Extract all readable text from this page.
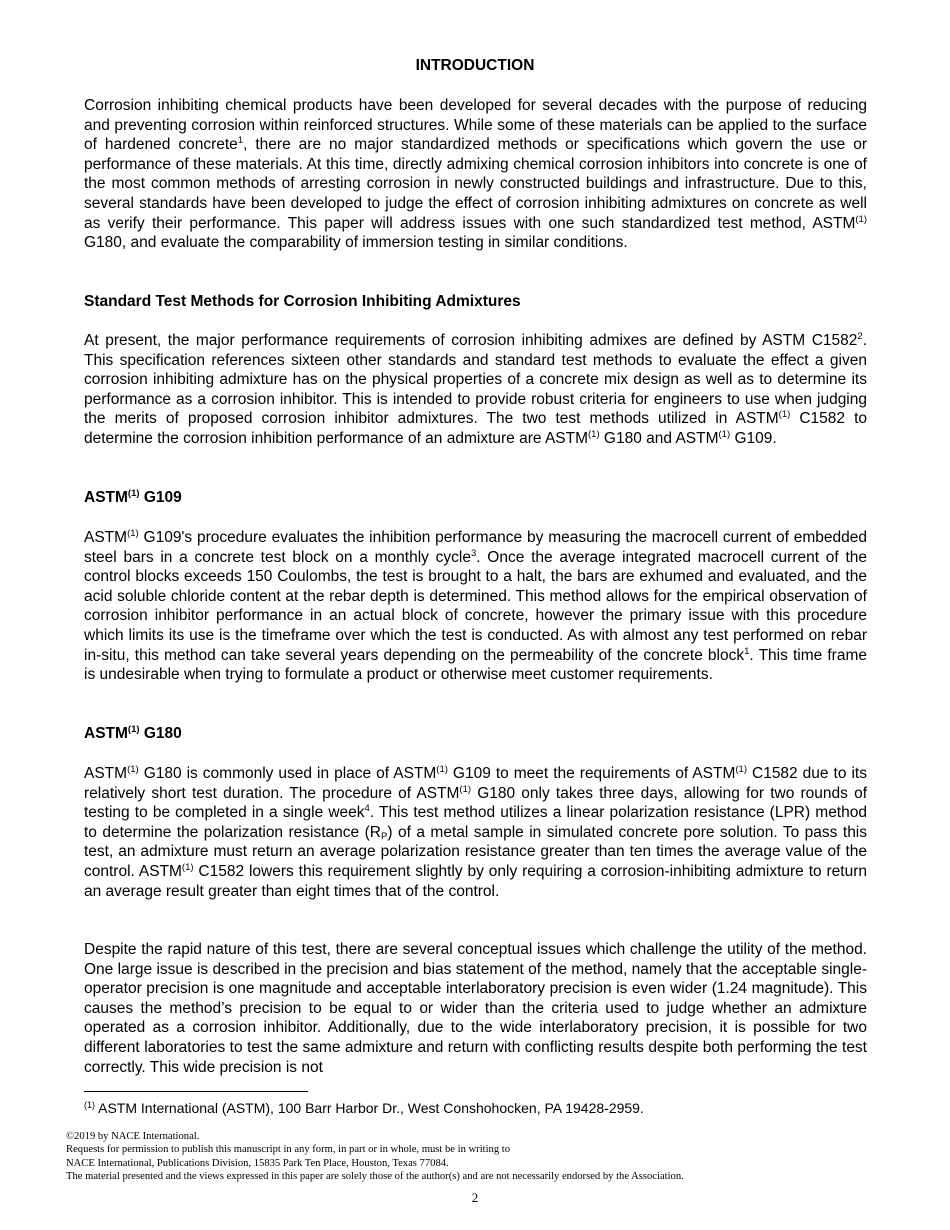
INTRODUCTION

Corrosion inhibiting chemical products have been developed for several decades with the purpose of reducing and preventing corrosion within reinforced structures. While some of these materials can be applied to the surface of hardened concrete$^1$, there are no major standardized methods or specifications which govern the use or performance of these materials. At this time, directly admixing chemical corrosion inhibitors into concrete is one of the most common methods of arresting corrosion in newly constructed buildings and infrastructure. Due to this, several standards have been developed to judge the effect of corrosion inhibiting admixtures on concrete as well as verify their performance. This paper will address issues with one such standardized test method, ASTM$^{(1)}$ G180, and evaluate the comparability of immersion testing in similar conditions.

Standard Test Methods for Corrosion Inhibiting Admixtures

At present, the major performance requirements of corrosion inhibiting admixes are defined by ASTM C1582$^2$. This specification references sixteen other standards and standard test methods to evaluate the effect a given corrosion inhibiting admixture has on the physical properties of a concrete mix design as well as to determine its performance as a corrosion inhibitor. This is intended to provide robust criteria for engineers to use when judging the merits of proposed corrosion inhibitor admixtures. The two test methods utilized in ASTM$^{(1)}$ C1582 to determine the corrosion inhibition performance of an admixture are ASTM$^{(1)}$ G180 and ASTM$^{(1)}$ G109.

ASTM$^{(1)}$ G109

ASTM$^{(1)}$ G109's procedure evaluates the inhibition performance by measuring the macrocell current of embedded steel bars in a concrete test block on a monthly cycle$^3$. Once the average integrated macrocell current of the control blocks exceeds 150 Coulombs, the test is brought to a halt, the bars are exhumed and evaluated, and the acid soluble chloride content at the rebar depth is determined. This method allows for the empirical observation of corrosion inhibitor performance in an actual block of concrete, however the primary issue with this procedure which limits its use is the timeframe over which the test is conducted. As with almost any test performed on rebar in-situ, this method can take several years depending on the permeability of the concrete block$^1$. This time frame is undesirable when trying to formulate a product or otherwise meet customer requirements.

ASTM$^{(1)}$ G180

ASTM$^{(1)}$ G180 is commonly used in place of ASTM$^{(1)}$ G109 to meet the requirements of ASTM$^{(1)}$ C1582 due to its relatively short test duration. The procedure of ASTM$^{(1)}$ G180 only takes three days, allowing for two rounds of testing to be completed in a single week$^4$. This test method utilizes a linear polarization resistance (LPR) method to determine the polarization resistance $(R_P)$ of a metal sample in simulated concrete pore solution. To pass this test, an admixture must return an average polarization resistance greater than ten times the average value of the control. ASTM$^{(1)}$ C1582 lowers this requirement slightly by only requiring a corrosion-inhibiting admixture to return an average result greater than eight times that of the control.

Despite the rapid nature of this test, there are several conceptual issues which challenge the utility of the method. One large issue is described in the precision and bias statement of the method, namely that the acceptable single-operator precision is one magnitude and acceptable interlaboratory precision is even wider (1.24 magnitude). This causes the method’s precision to be equal to or wider than the criteria used to judge whether an admixture operated as a corrosion inhibitor. Additionally, due to the wide interlaboratory precision, it is possible for two different laboratories to test the same admixture and return with conflicting results despite both performing the test correctly. This wide precision is not

$^{(1)}$ ASTM International (ASTM), 100 Barr Harbor Dr., West Conshohocken, PA 19428-2959.
©2019 by NACE International.
Requests for permission to publish this manuscript in any form, in part or in whole, must be in writing to
NACE International, Publications Division, 15835 Park Ten Place, Houston, Texas 77084.
The material presented and the views expressed in this paper are solely those of the author(s) and are not necessarily endorsed by the Association.
2
